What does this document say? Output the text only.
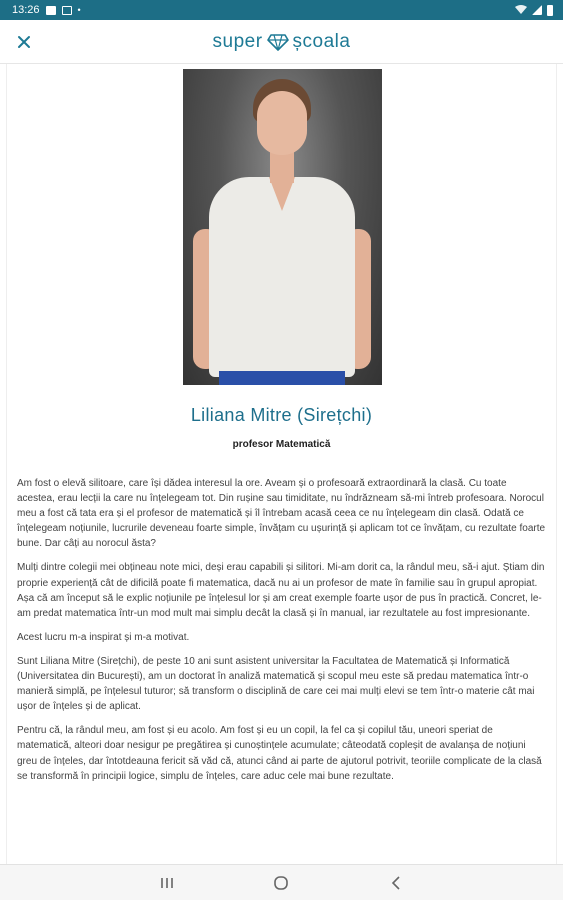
13:26	•
super școala
Liliana Mitre (Sirețchi)
profesor Matematică

Am fost o elevă silitoare, care își dădea interesul la ore. Aveam și o profesoară extraordinară la clasă. Cu toate acestea, erau lecții la care nu înțelegeam tot. Din rușine sau timiditate, nu îndrăzneam să-mi întreb profesoara. Norocul meu a fost că tata era și el profesor de matematică și îl întrebam acasă ceea ce nu înțelegeam din clasă. Odată ce înțelegeam noțiunile, lucrurile deveneau foarte simple, învățam cu ușurință și aplicam tot ce învățam, cu rezultate foarte bune. Dar câți au norocul ăsta?

Mulți dintre colegii mei obțineau note mici, deși erau capabili și silitori. Mi-am dorit ca, la rândul meu, să-i ajut. Știam din proprie experiență cât de dificilă poate fi matematica, dacă nu ai un profesor de mate în familie sau în grupul apropiat. Așa că am început să le explic noțiunile pe înțelesul lor și am creat exemple foarte ușor de pus în practică. Concret, le-am predat matematica într-un mod mult mai simplu decât la clasă și în manual, iar rezultatele au fost impresionante.

Acest lucru m-a inspirat și m-a motivat.

Sunt Liliana Mitre (Sirețchi), de peste 10 ani sunt asistent universitar la Facultatea de Matematică și Informatică (Universitatea din București), am un doctorat în analiză matematică și scopul meu este să predau matematica într-o manieră simplă, pe înțelesul tuturor; să transform o disciplină de care cei mai mulți elevi se tem într-o materie cât mai ușor de înțeles și de aplicat.

Pentru că, la rândul meu, am fost și eu acolo. Am fost și eu un copil, la fel ca și copilul tău, uneori speriat de matematică, alteori doar nesigur pe pregătirea și cunoștințele acumulate; câteodată copleșit de avalanșa de noțiuni greu de înțeles, dar întotdeauna fericit să văd că, atunci când ai parte de ajutorul potrivit, teoriile complicate de la clasă se transformă în principii logice, simplu de înțeles, care aduc cele mai bune rezultate.
